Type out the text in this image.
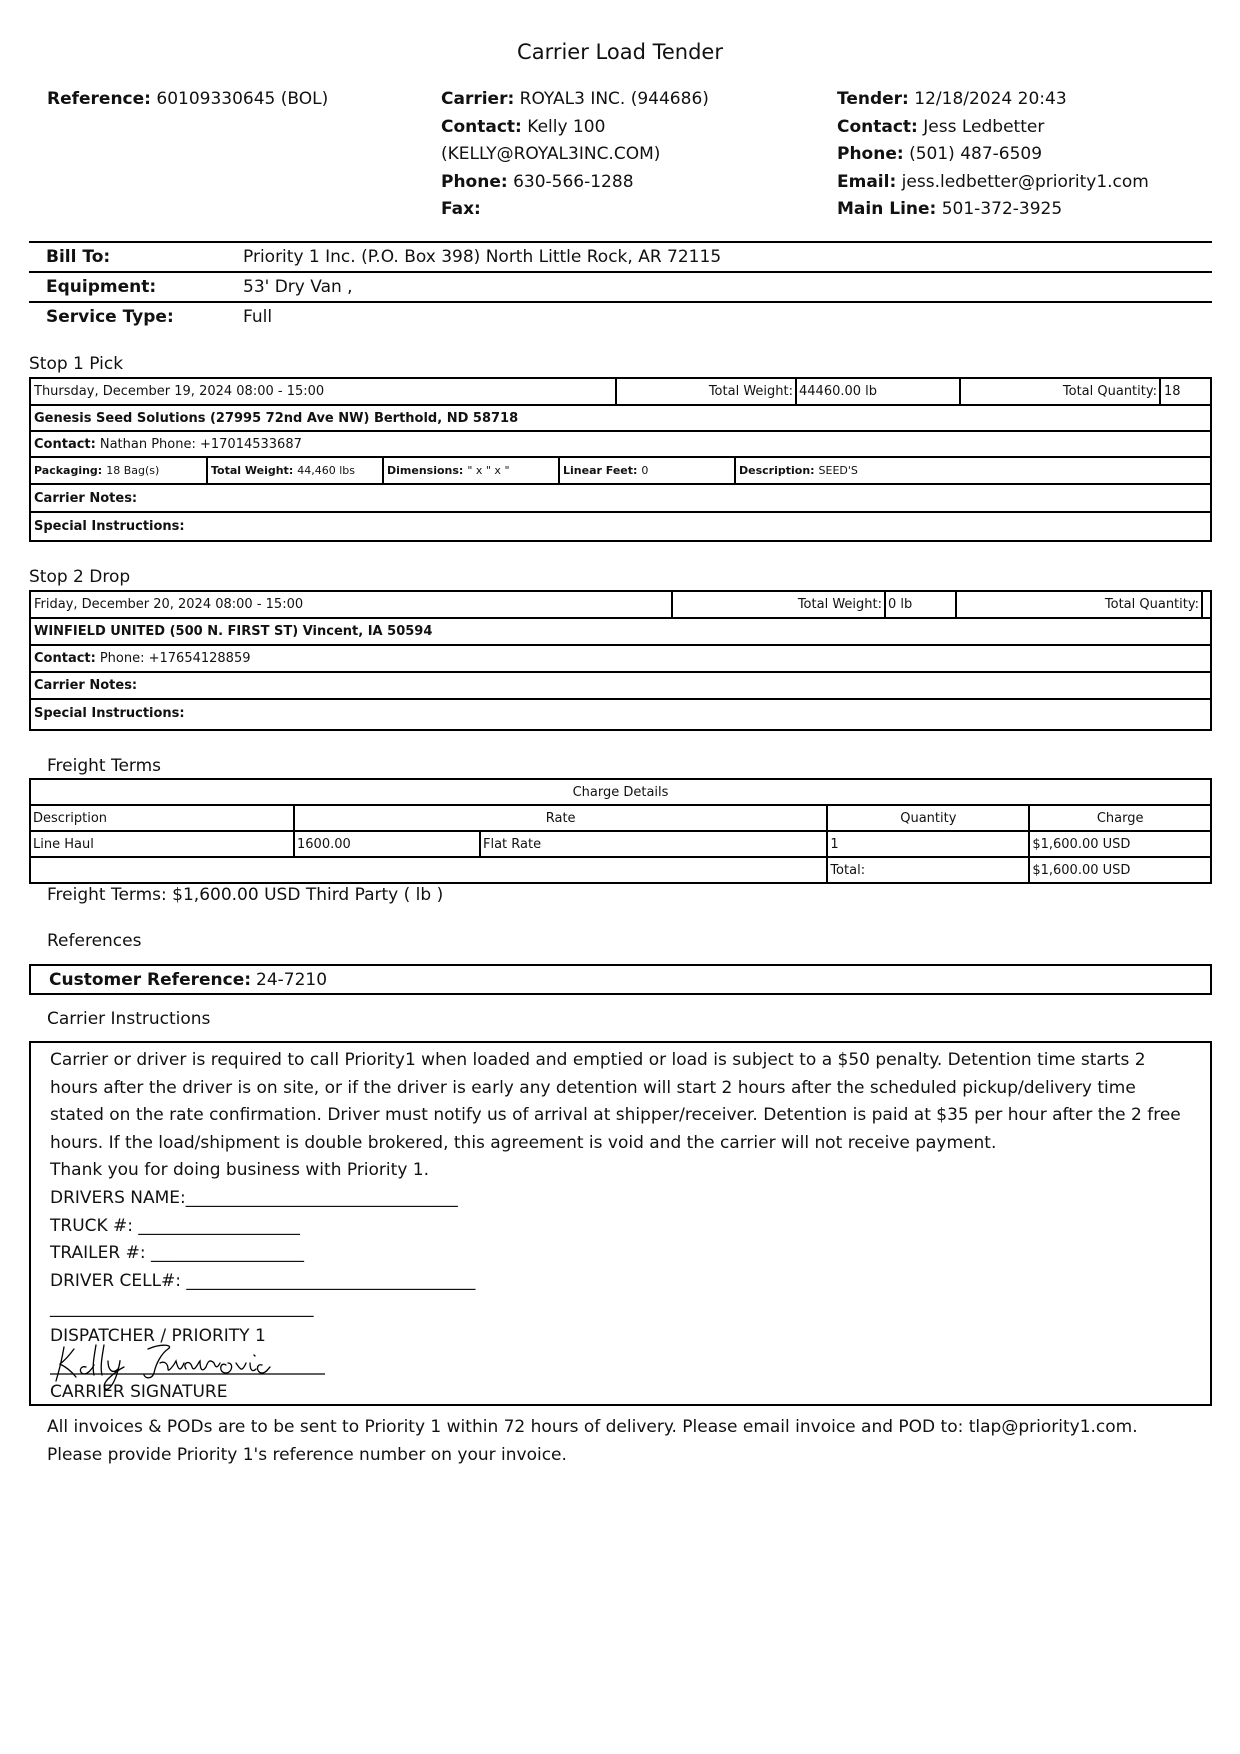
Carrier Load Tender
Reference: 60109330645 (BOL)	Carrier: ROYAL3 INC. (944686)
Contact: Kelly 100
(KELLY@ROYAL3INC.COM)
Phone: 630-566-1288
Fax:
Tender: 12/18/2024 20:43
Contact: Jess Ledbetter
Phone: (501) 487-6509
Email: jess.ledbetter@priority1.com
Main Line: 501-372-3925
Bill To:	Priority 1 Inc. (P.O. Box 398) North Little Rock, AR 72115
Equipment:	53' Dry Van ,
Service Type:	Full
Stop 1 Pick
Thursday, December 19, 2024 08:00 - 15:00	Total Weight: 44460.00 lb	Total Quantity: 18
Genesis Seed Solutions (27995 72nd Ave NW) Berthold, ND 58718
Contact: Nathan Phone: +17014533687
Packaging: 18 Bag(s)	Total Weight: 44,460 lbs	Dimensions: " x " x "	Linear Feet: 0	Description: SEED'S
Carrier Notes:
Special Instructions:
Stop 2 Drop
Friday, December 20, 2024 08:00 - 15:00	Total Weight: 0 lb	Total Quantity:
WINFIELD UNITED (500 N. FIRST ST) Vincent, IA 50594
Contact: Phone: +17654128859
Carrier Notes:
Special Instructions:
Freight Terms
Charge Details				
Description	Rate		Quantity	Charge
Line Haul	1600.00	Flat Rate	1	$1,600.00 USD
			Total:	$1,600.00 USD
Freight Terms: $1,600.00 USD Third Party ( lb )
References
Customer Reference: 24-7210
Carrier Instructions

Carrier or driver is required to call Priority1 when loaded and emptied or load is subject to a $50 penalty. Detention time starts 2 hours after the driver is on site, or if the driver is early any detention will start 2 hours after the scheduled pickup/delivery time stated on the rate confirmation. Driver must notify us of arrival at shipper/receiver. Detention is paid at $35 per hour after the 2 free hours. If the load/shipment is double brokered, this agreement is void and the carrier will not receive payment.

Thank you for doing business with Priority 1.
DRIVERS NAME:________________________________
TRUCK #: ___________________
TRAILER #: __________________
DRIVER CELL#: __________________________________
_______________________________
DISPATCHER / PRIORITY 1
CARRIER SIGNATURE
All invoices & PODs are to be sent to Priority 1 within 72 hours of delivery. Please email invoice and POD to: tlap@priority1.com. Please provide Priority 1's reference number on your invoice.
